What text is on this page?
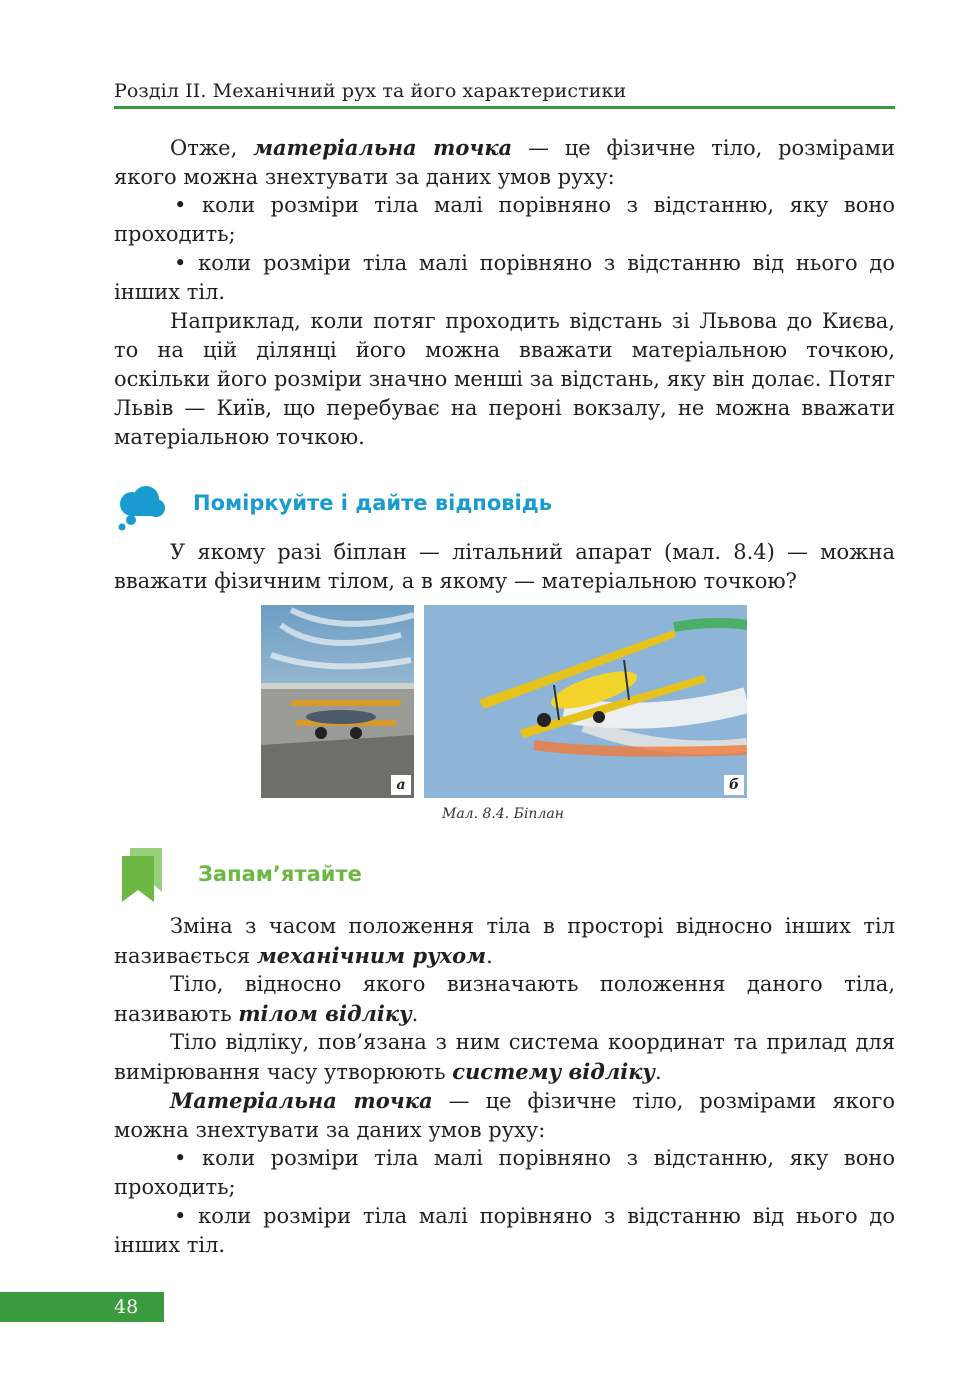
Розділ II. Механічний рух та його характеристики
Отже, матеріальна точка — це фізичне тіло, розмірами якого можна знехтувати за даних умов руху:
• коли розміри тіла малі порівняно з відстанню, яку воно проходить;
• коли розміри тіла малі порівняно з відстанню від нього до інших тіл.
Наприклад, коли потяг проходить відстань зі Львова до Києва, то на цій ділянці його можна вважати матеріальною точкою, оскільки його розміри значно менші за відстань, яку він долає. Потяг Львів — Київ, що перебуває на пероні вокзалу, не можна вважати матеріальною точкою.
Поміркуйте і дайте відповідь
У якому разі біплан — літальний апарат (мал. 8.4) — можна вважати фізичним тілом, а в якому — матеріальною точкою?
а	б
Мал. 8.4. Біплан
Запам’ятайте
Зміна з часом положення тіла в просторі відносно інших тіл називається механічним рухом.
Тіло, відносно якого визначають положення даного тіла, називають тілом відліку.
Тіло відліку, пов’язана з ним система координат та прилад для вимірювання часу утворюють систему відліку.
Матеріальна точка — це фізичне тіло, розмірами якого можна знехтувати за даних умов руху:
• коли розміри тіла малі порівняно з відстанню, яку воно проходить;
• коли розміри тіла малі порівняно з відстанню від нього до інших тіл.
48
